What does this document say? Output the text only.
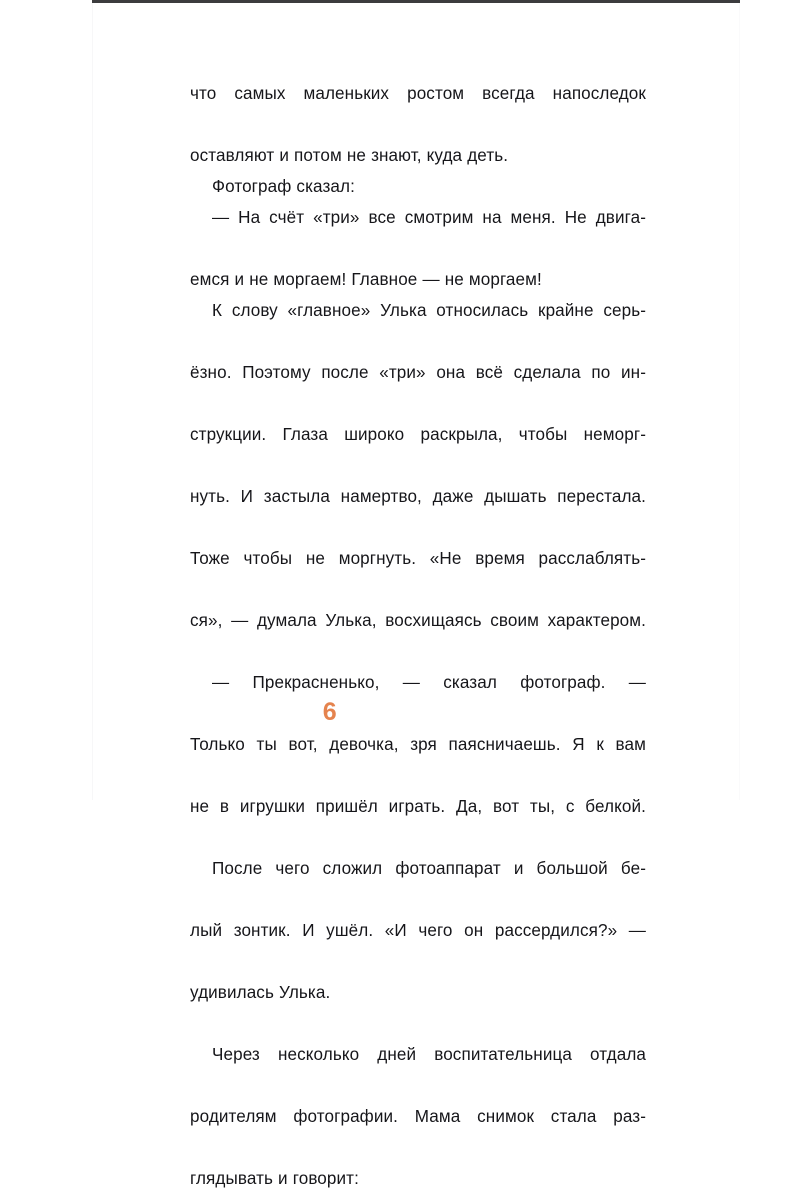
что самых маленьких ростом всегда напоследок
оставляют и потом не знают, куда деть.

Фотограф сказал:

— На счёт «три» все смотрим на меня. Не двига-
емся и не моргаем! Главное — не моргаем!

К слову «главное» Улька относилась крайне серь-
ёзно. Поэтому после «три» она всё сделала по ин-
струкции. Глаза широко раскрыла, чтобы неморг-
нуть. И застыла намертво, даже дышать перестала.
Тоже чтобы не моргнуть. «Не время расслаблять-
ся», — думала Улька, восхищаясь своим характером.

— Прекрасненько, — сказал фотограф. —
Только ты вот, девочка, зря паясничаешь. Я к вам
не в игрушки пришёл играть. Да, вот ты, с белкой.

После чего сложил фотоаппарат и большой бе-
лый зонтик. И ушёл. «И чего он рассердился?» —
удивилась Улька.

Через несколько дней воспитательница отдала
родителям фотографии. Мама снимок стала раз-
глядывать и говорит:

6
